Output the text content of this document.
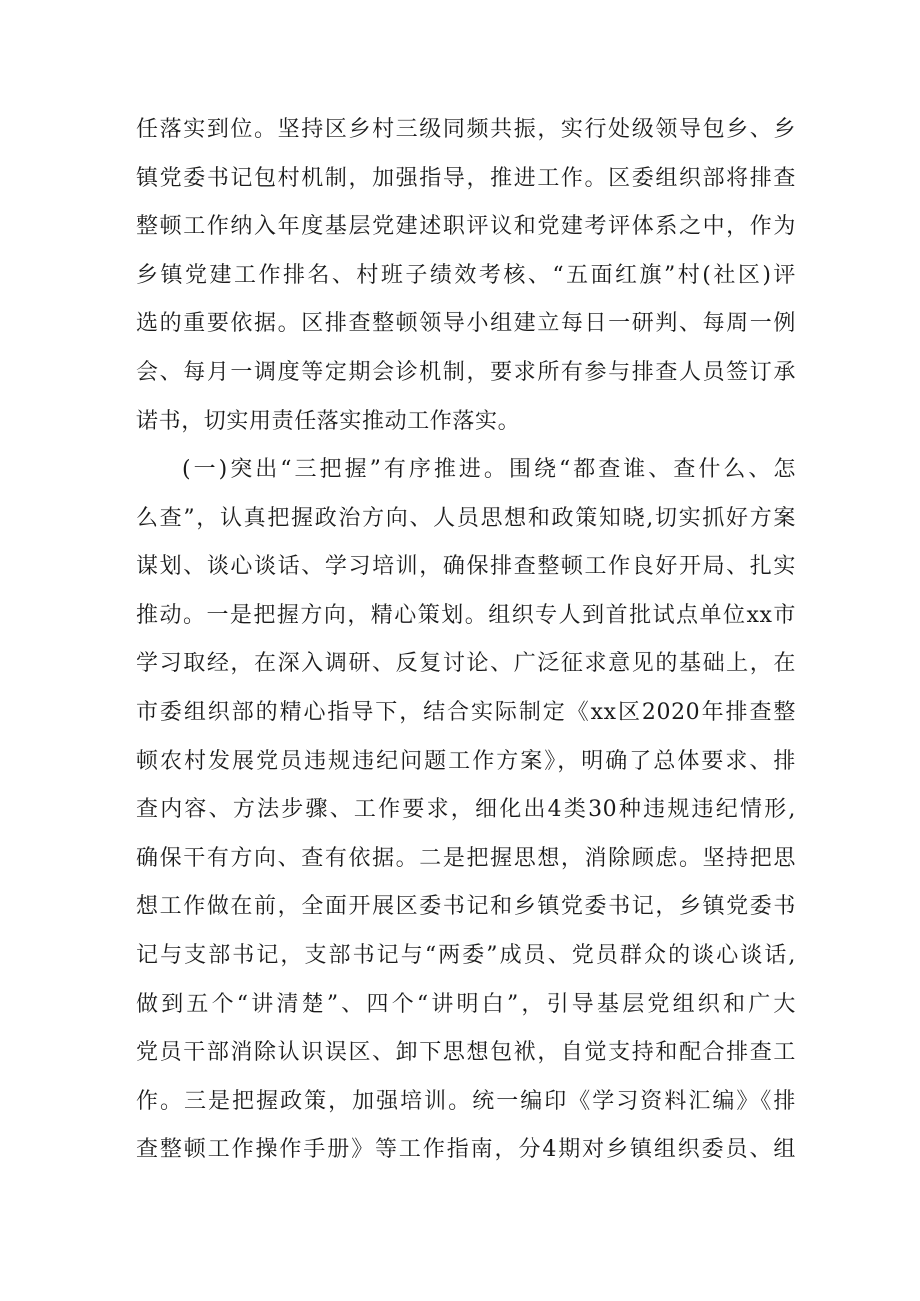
任落实到位。坚持区乡村三级同频共振，实行处级领导包乡、乡
镇党委书记包村机制，加强指导，推进工作。区委组织部将排查
整顿工作纳入年度基层党建述职评议和党建考评体系之中，作为
乡镇党建工作排名、村班子绩效考核、“五面红旗”村(社区)评
选的重要依据。区排查整顿领导小组建立每日一研判、每周一例
会、每月一调度等定期会诊机制，要求所有参与排查人员签订承
诺书，切实用责任落实推动工作落实。
(一)突出“三把握”有序推进。围绕“都查谁、查什么、怎
么查”，认真把握政治方向、人员思想和政策知晓,切实抓好方案
谋划、谈心谈话、学习培训，确保排查整顿工作良好开局、扎实
推动。一是把握方向，精心策划。组织专人到首批试点单位xx市
学习取经，在深入调研、反复讨论、广泛征求意见的基础上，在
市委组织部的精心指导下，结合实际制定《xx区2020年排查整
顿农村发展党员违规违纪问题工作方案》，明确了总体要求、排
查内容、方法步骤、工作要求，细化出4类30种违规违纪情形,
确保干有方向、查有依据。二是把握思想，消除顾虑。坚持把思
想工作做在前，全面开展区委书记和乡镇党委书记，乡镇党委书
记与支部书记，支部书记与“两委”成员、党员群众的谈心谈话,
做到五个“讲清楚”、四个“讲明白”，引导基层党组织和广大
党员干部消除认识误区、卸下思想包袱，自觉支持和配合排查工
作。三是把握政策，加强培训。统一编印《学习资料汇编》《排
查整顿工作操作手册》等工作指南，分4期对乡镇组织委员、组
